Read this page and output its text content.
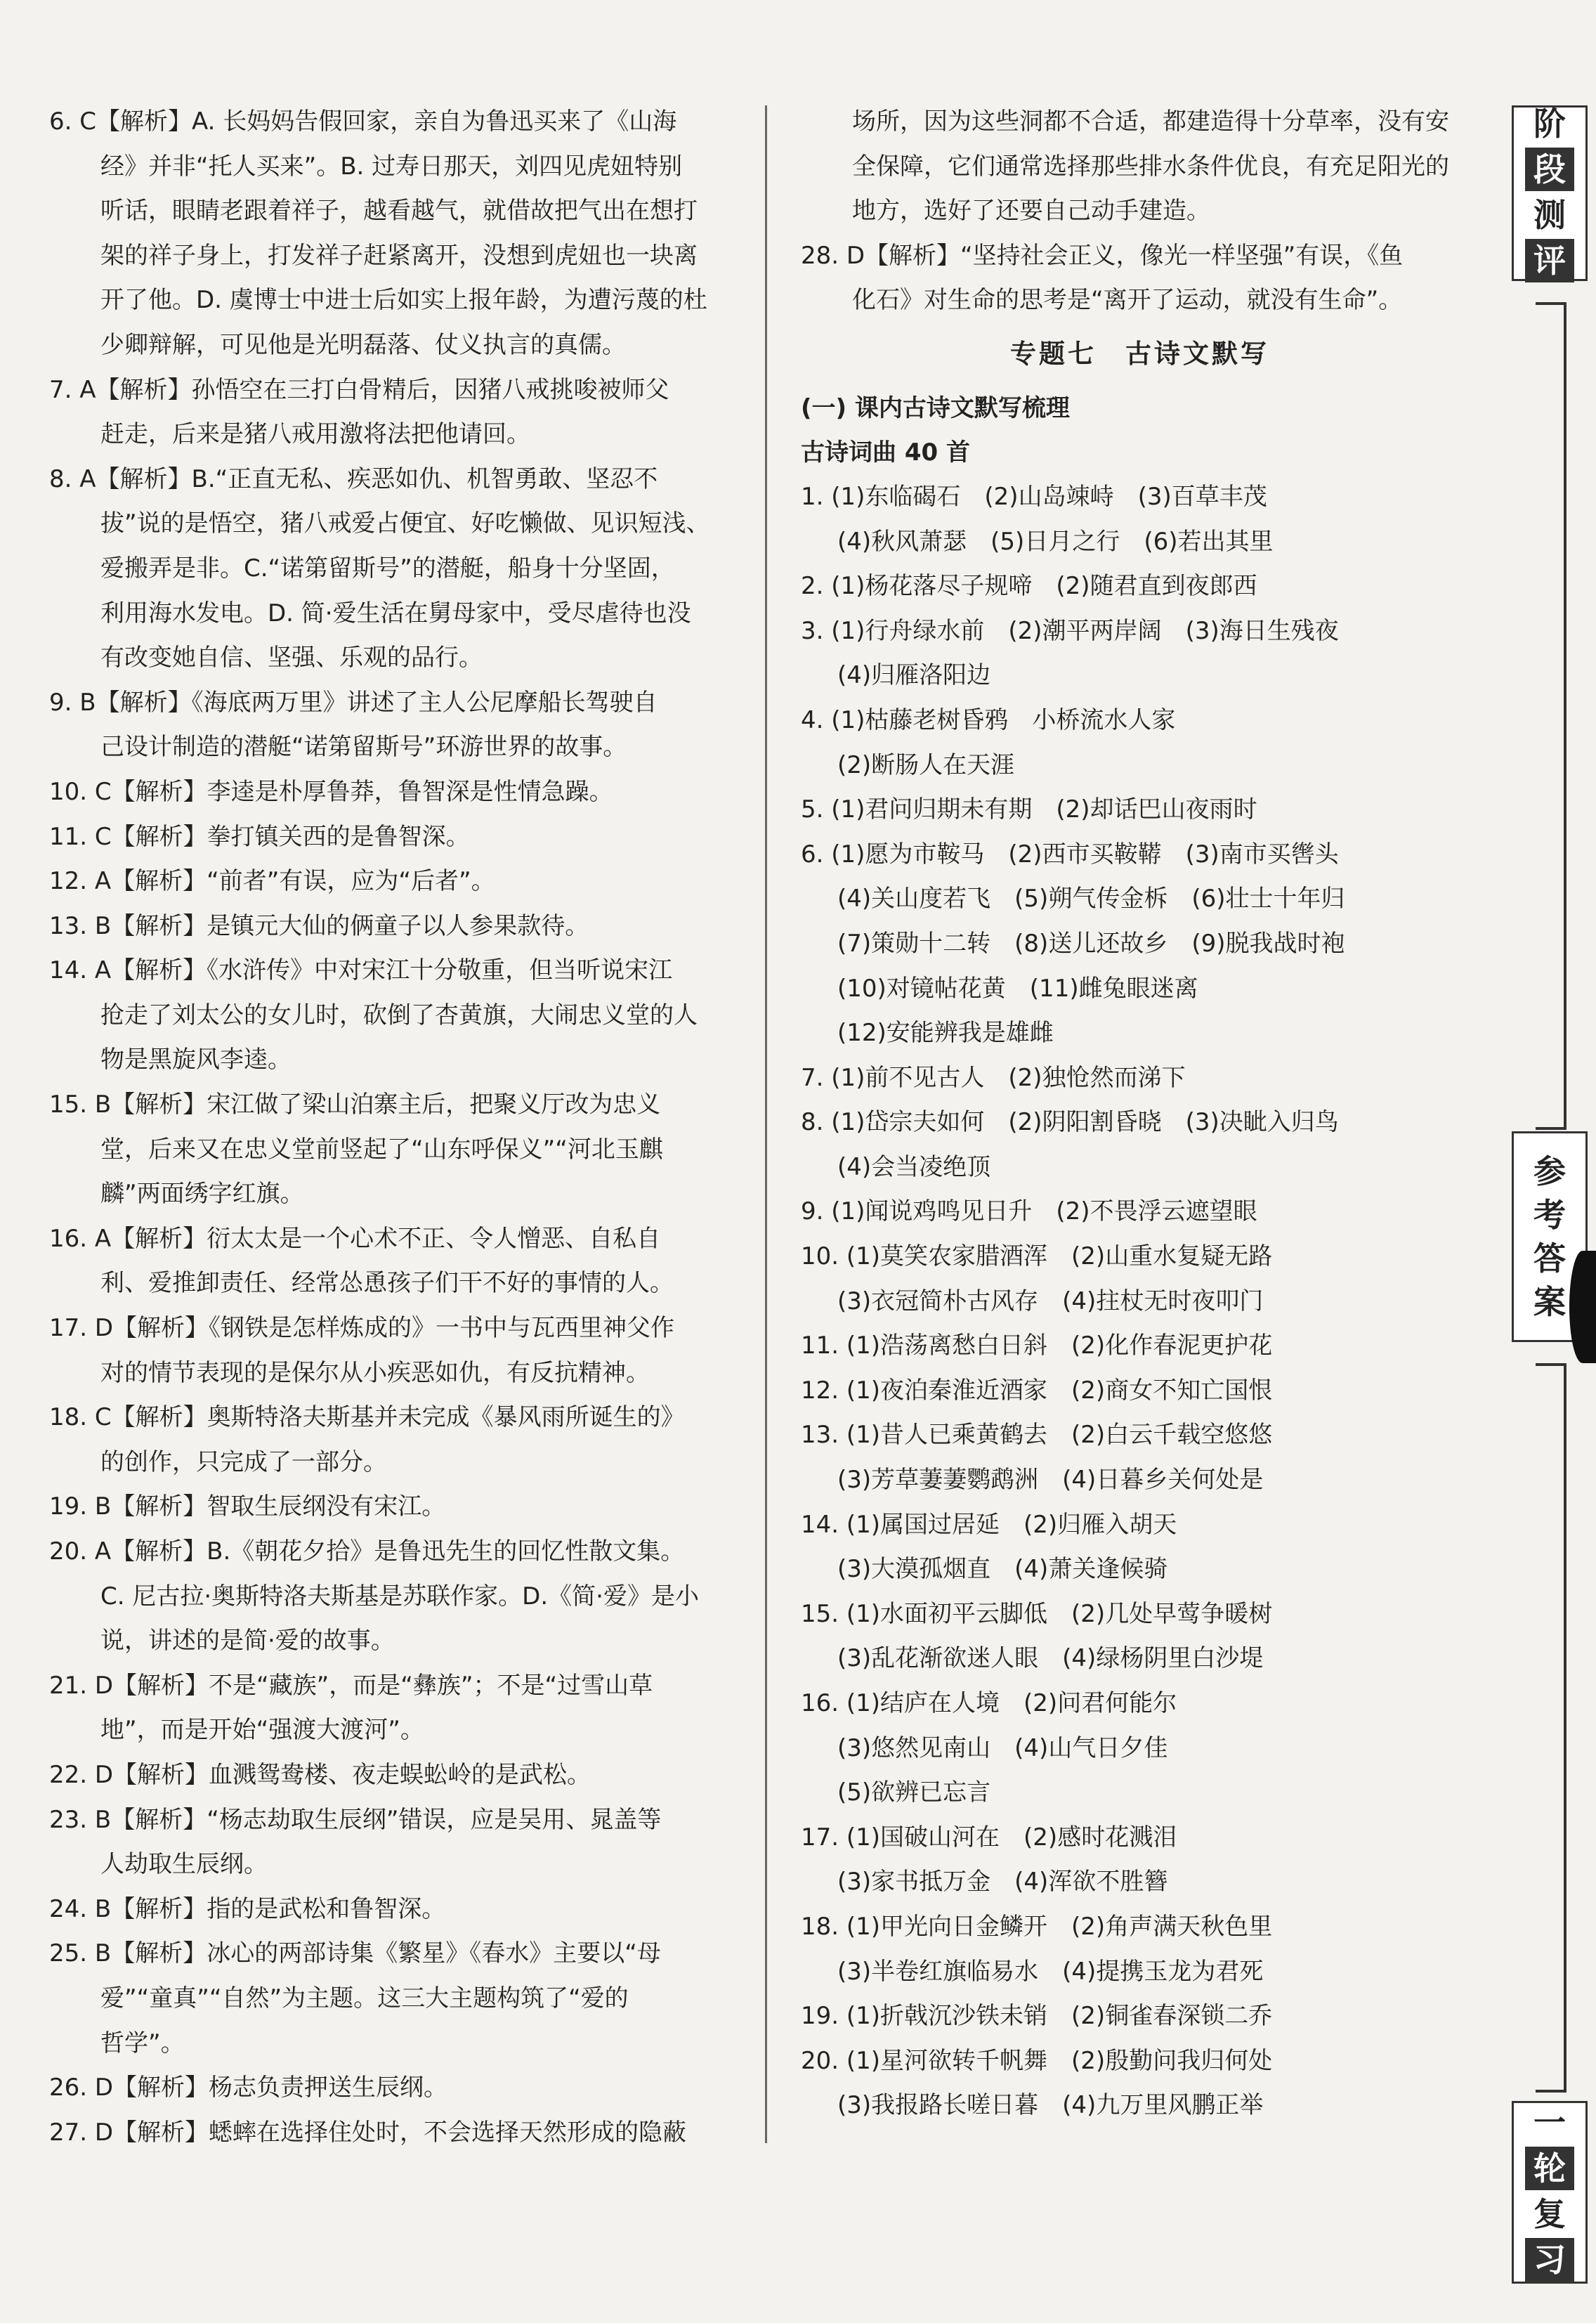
6. C【解析】A. 长妈妈告假回家，亲自为鲁迅买来了《山海
经》并非“托人买来”。B. 过寿日那天，刘四见虎妞特别
听话，眼睛老跟着祥子，越看越气，就借故把气出在想打
架的祥子身上，打发祥子赶紧离开，没想到虎妞也一块离
开了他。D. 虞博士中进士后如实上报年龄，为遭污蔑的杜
少卿辩解，可见他是光明磊落、仗义执言的真儒。
7. A【解析】孙悟空在三打白骨精后，因猪八戒挑唆被师父
赶走，后来是猪八戒用激将法把他请回。
8. A【解析】B.“正直无私、疾恶如仇、机智勇敢、坚忍不
拔”说的是悟空，猪八戒爱占便宜、好吃懒做、见识短浅、
爱搬弄是非。C.“诺第留斯号”的潜艇，船身十分坚固，
利用海水发电。D. 简·爱生活在舅母家中，受尽虐待也没
有改变她自信、坚强、乐观的品行。
9. B【解析】《海底两万里》讲述了主人公尼摩船长驾驶自
己设计制造的潜艇“诺第留斯号”环游世界的故事。
10. C【解析】李逵是朴厚鲁莽，鲁智深是性情急躁。
11. C【解析】拳打镇关西的是鲁智深。
12. A【解析】“前者”有误，应为“后者”。
13. B【解析】是镇元大仙的俩童子以人参果款待。
14. A【解析】《水浒传》中对宋江十分敬重，但当听说宋江
抢走了刘太公的女儿时，砍倒了杏黄旗，大闹忠义堂的人
物是黑旋风李逵。
15. B【解析】宋江做了梁山泊寨主后，把聚义厅改为忠义
堂，后来又在忠义堂前竖起了“山东呼保义”“河北玉麒
麟”两面绣字红旗。
16. A【解析】衍太太是一个心术不正、令人憎恶、自私自
利、爱推卸责任、经常怂恿孩子们干不好的事情的人。
17. D【解析】《钢铁是怎样炼成的》一书中与瓦西里神父作
对的情节表现的是保尔从小疾恶如仇，有反抗精神。
18. C【解析】奥斯特洛夫斯基并未完成《暴风雨所诞生的》
的创作，只完成了一部分。
19. B【解析】智取生辰纲没有宋江。
20. A【解析】B.《朝花夕拾》是鲁迅先生的回忆性散文集。
C. 尼古拉·奥斯特洛夫斯基是苏联作家。D.《简·爱》是小
说，讲述的是简·爱的故事。
21. D【解析】不是“藏族”，而是“彝族”；不是“过雪山草
地”，而是开始“强渡大渡河”。
22. D【解析】血溅鸳鸯楼、夜走蜈蚣岭的是武松。
23. B【解析】“杨志劫取生辰纲”错误，应是吴用、晁盖等
人劫取生辰纲。
24. B【解析】指的是武松和鲁智深。
25. B【解析】冰心的两部诗集《繁星》《春水》主要以“母
爱”“童真”“自然”为主题。这三大主题构筑了“爱的
哲学”。
26. D【解析】杨志负责押送生辰纲。
27. D【解析】蟋蟀在选择住处时，不会选择天然形成的隐蔽
场所，因为这些洞都不合适，都建造得十分草率，没有安
全保障，它们通常选择那些排水条件优良，有充足阳光的
地方，选好了还要自己动手建造。
28. D【解析】“坚持社会正义，像光一样坚强”有误，《鱼
化石》对生命的思考是“离开了运动，就没有生命”。
专题七　古诗文默写
(一) 课内古诗文默写梳理
古诗词曲 40 首
1. (1)东临碣石　(2)山岛竦峙　(3)百草丰茂
(4)秋风萧瑟　(5)日月之行　(6)若出其里
2. (1)杨花落尽子规啼　(2)随君直到夜郎西
3. (1)行舟绿水前　(2)潮平两岸阔　(3)海日生残夜
(4)归雁洛阳边
4. (1)枯藤老树昏鸦　小桥流水人家
(2)断肠人在天涯
5. (1)君问归期未有期　(2)却话巴山夜雨时
6. (1)愿为市鞍马　(2)西市买鞍鞯　(3)南市买辔头
(4)关山度若飞　(5)朔气传金柝　(6)壮士十年归
(7)策勋十二转　(8)送儿还故乡　(9)脱我战时袍
(10)对镜帖花黄　(11)雌兔眼迷离
(12)安能辨我是雄雌
7. (1)前不见古人　(2)独怆然而涕下
8. (1)岱宗夫如何　(2)阴阳割昏晓　(3)决眦入归鸟
(4)会当凌绝顶
9. (1)闻说鸡鸣见日升　(2)不畏浮云遮望眼
10. (1)莫笑农家腊酒浑　(2)山重水复疑无路
(3)衣冠简朴古风存　(4)拄杖无时夜叩门
11. (1)浩荡离愁白日斜　(2)化作春泥更护花
12. (1)夜泊秦淮近酒家　(2)商女不知亡国恨
13. (1)昔人已乘黄鹤去　(2)白云千载空悠悠
(3)芳草萋萋鹦鹉洲　(4)日暮乡关何处是
14. (1)属国过居延　(2)归雁入胡天
(3)大漠孤烟直　(4)萧关逢候骑
15. (1)水面初平云脚低　(2)几处早莺争暖树
(3)乱花渐欲迷人眼　(4)绿杨阴里白沙堤
16. (1)结庐在人境　(2)问君何能尔
(3)悠然见南山　(4)山气日夕佳
(5)欲辨已忘言
17. (1)国破山河在　(2)感时花溅泪
(3)家书抵万金　(4)浑欲不胜簪
18. (1)甲光向日金鳞开　(2)角声满天秋色里
(3)半卷红旗临易水　(4)提携玉龙为君死
19. (1)折戟沉沙铁未销　(2)铜雀春深锁二乔
20. (1)星河欲转千帆舞　(2)殷勤问我归何处
(3)我报路长嗟日暮　(4)九万里风鹏正举
阶
段
测
评
参
考
答
案
一
轮
复
习
